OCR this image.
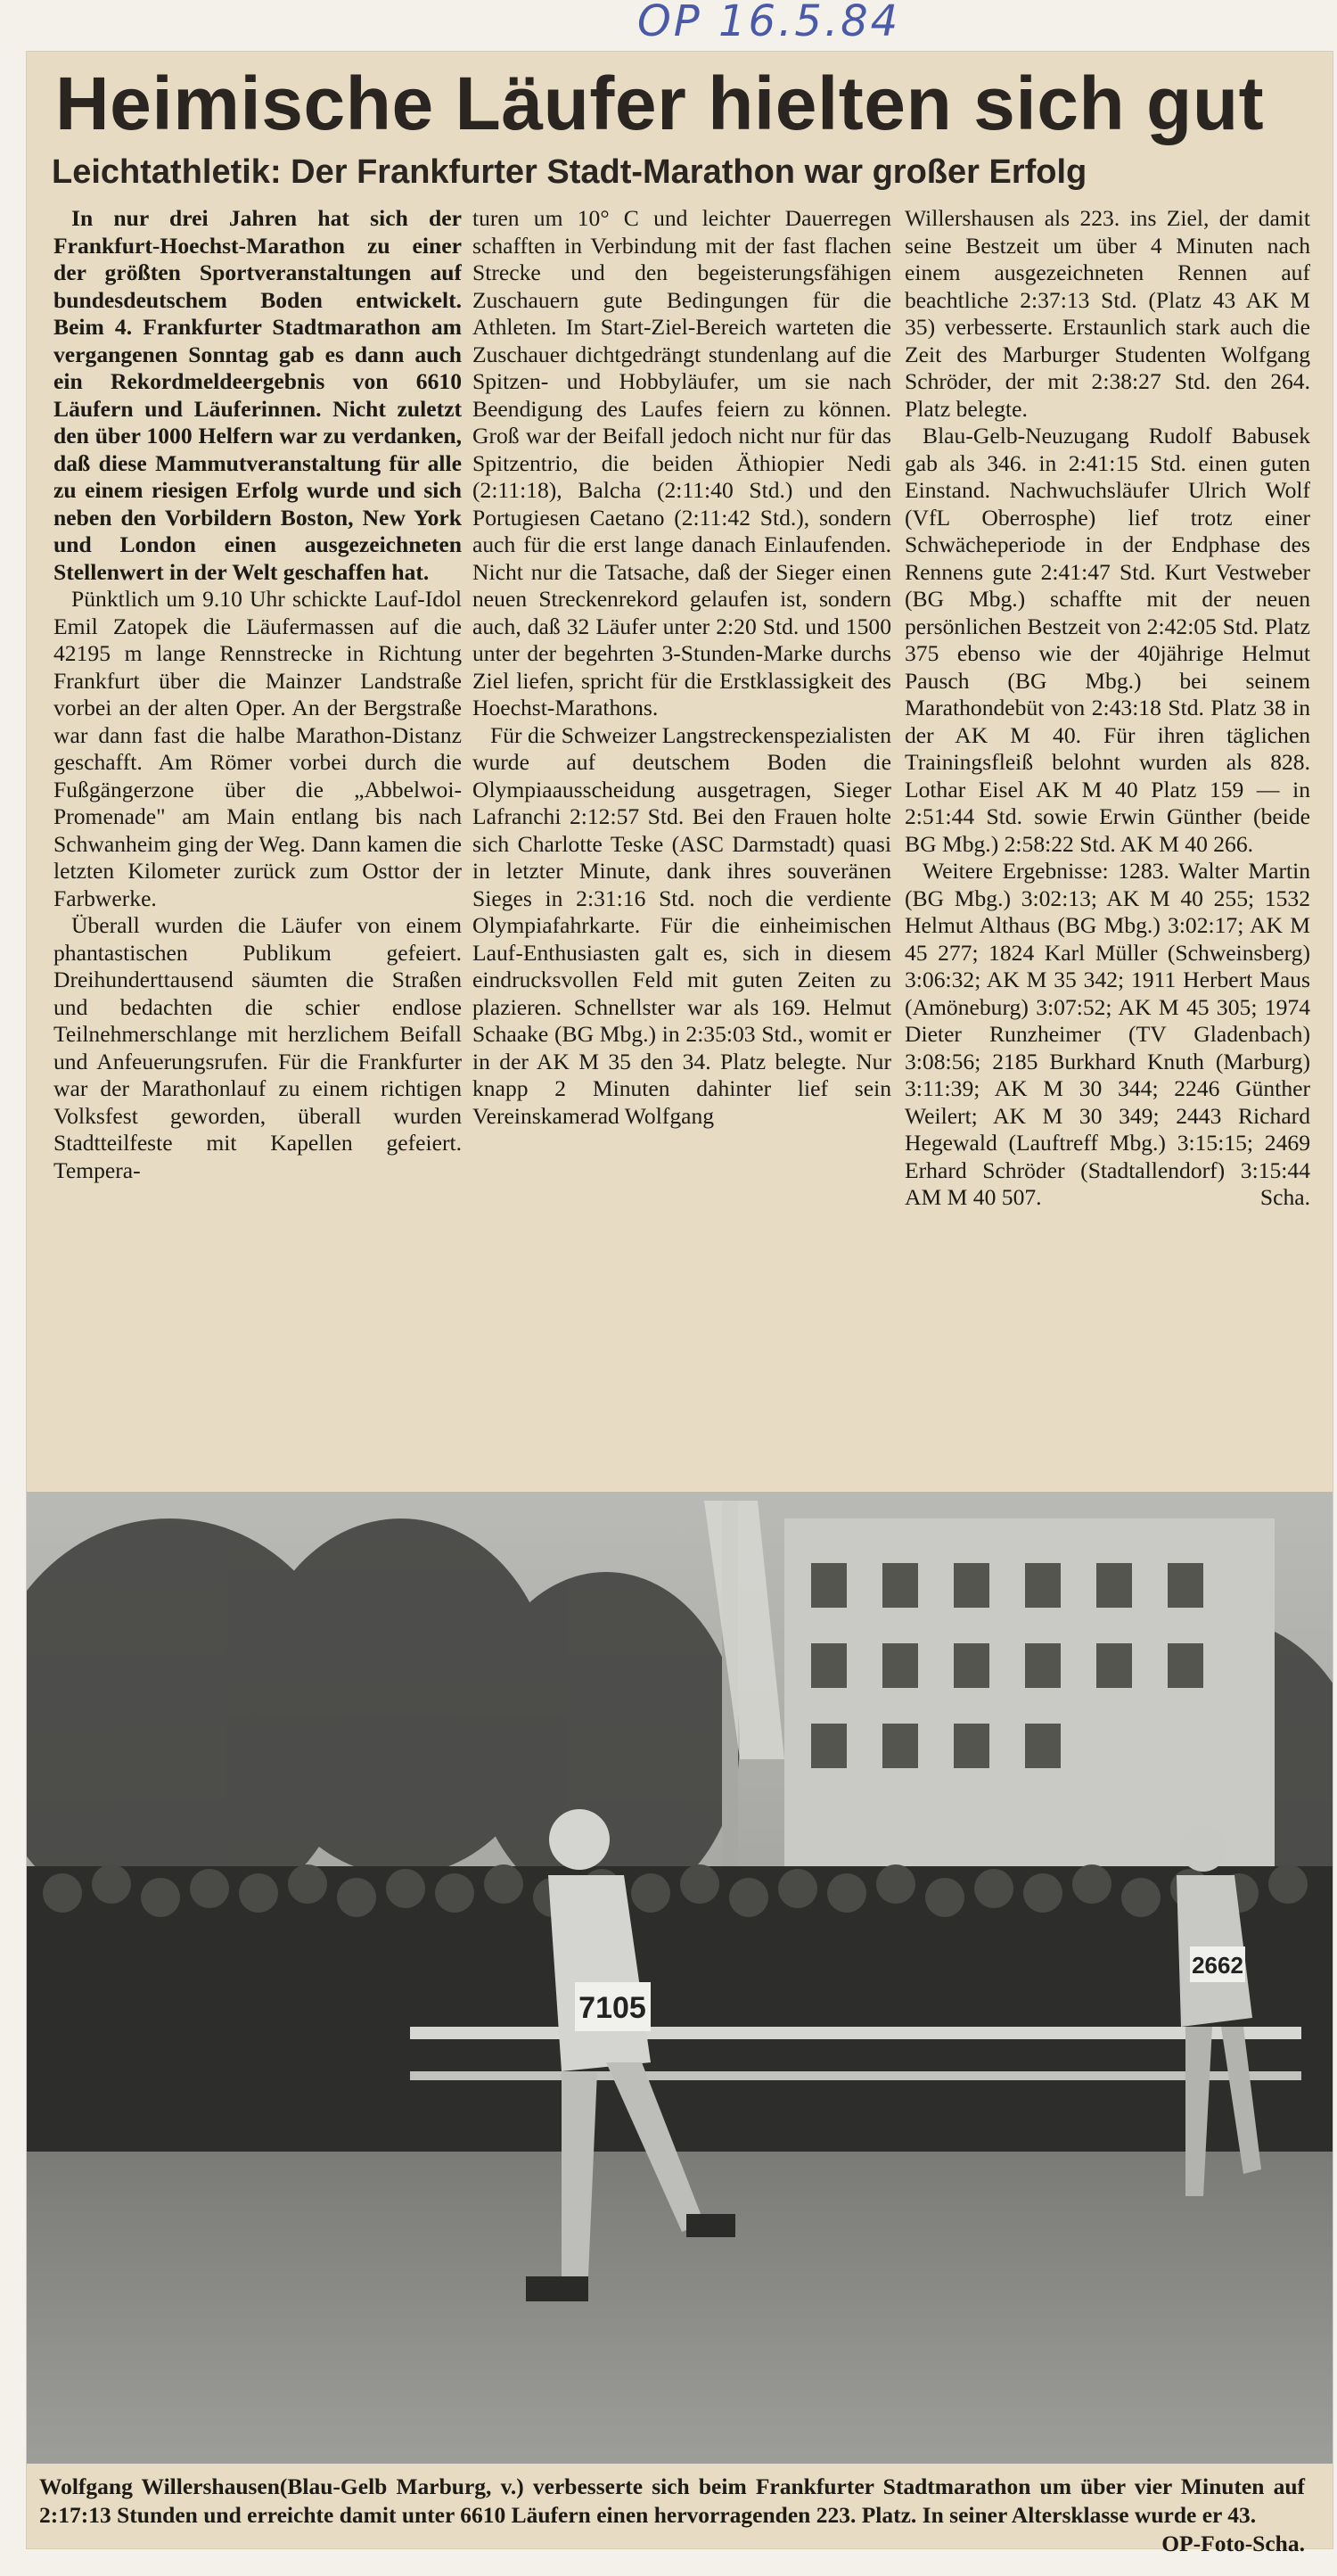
OP 16.5.84
Heimische Läufer hielten sich gut
Leichtathletik: Der Frankfurter Stadt-Marathon war großer Erfolg

In nur drei Jahren hat sich der Frankfurt-Hoechst-Marathon zu einer der größten Sportveranstaltungen auf bundesdeutschem Boden entwickelt. Beim 4. Frankfurter Stadtmarathon am vergangenen Sonntag gab es dann auch ein Rekordmeldeergebnis von 6610 Läufern und Läuferinnen. Nicht zuletzt den über 1000 Helfern war zu verdanken, daß diese Mammutveranstaltung für alle zu einem riesigen Erfolg wurde und sich neben den Vorbildern Boston, New York und London einen ausgezeichneten Stellenwert in der Welt geschaffen hat.

Pünktlich um 9.10 Uhr schickte Lauf-Idol Emil Zatopek die Läufermassen auf die 42195 m lange Rennstrecke in Richtung Frankfurt über die Mainzer Landstraße vorbei an der alten Oper. An der Bergstraße war dann fast die halbe Marathon-Distanz geschafft. Am Römer vorbei durch die Fußgängerzone über die „Abbelwoi-Promenade" am Main entlang bis nach Schwanheim ging der Weg. Dann kamen die letzten Kilometer zurück zum Osttor der Farbwerke.

Überall wurden die Läufer von einem phantastischen Publikum gefeiert. Dreihunderttausend säumten die Straßen und bedachten die schier endlose Teilnehmerschlange mit herzlichem Beifall und Anfeuerungsrufen. Für die Frankfurter war der Marathonlauf zu einem richtigen Volksfest geworden, überall wurden Stadtteilfeste mit Kapellen gefeiert. Tempera-

turen um 10° C und leichter Dauerregen schafften in Verbindung mit der fast flachen Strecke und den begeisterungsfähigen Zuschauern gute Bedingungen für die Athleten. Im Start-Ziel-Bereich warteten die Zuschauer dichtgedrängt stundenlang auf die Spitzen- und Hobbyläufer, um sie nach Beendigung des Laufes feiern zu können. Groß war der Beifall jedoch nicht nur für das Spitzentrio, die beiden Äthiopier Nedi (2:11:18), Balcha (2:11:40 Std.) und den Portugiesen Caetano (2:11:42 Std.), sondern auch für die erst lange danach Einlaufenden. Nicht nur die Tatsache, daß der Sieger einen neuen Streckenrekord gelaufen ist, sondern auch, daß 32 Läufer unter 2:20 Std. und 1500 unter der begehrten 3-Stunden-Marke durchs Ziel liefen, spricht für die Erstklassigkeit des Hoechst-Marathons.

Für die Schweizer Langstreckenspezialisten wurde auf deutschem Boden die Olympiaausscheidung ausgetragen, Sieger Lafranchi 2:12:57 Std. Bei den Frauen holte sich Charlotte Teske (ASC Darmstadt) quasi in letzter Minute, dank ihres souveränen Sieges in 2:31:16 Std. noch die verdiente Olympiafahrkarte. Für die einheimischen Lauf-Enthusiasten galt es, sich in diesem eindrucksvollen Feld mit guten Zeiten zu plazieren. Schnellster war als 169. Helmut Schaake (BG Mbg.) in 2:35:03 Std., womit er in der AK M 35 den 34. Platz belegte. Nur knapp 2 Minuten dahinter lief sein Vereinskamerad Wolfgang

Willershausen als 223. ins Ziel, der damit seine Bestzeit um über 4 Minuten nach einem ausgezeichneten Rennen auf beachtliche 2:37:13 Std. (Platz 43 AK M 35) verbesserte. Erstaunlich stark auch die Zeit des Marburger Studenten Wolfgang Schröder, der mit 2:38:27 Std. den 264. Platz belegte.

Blau-Gelb-Neuzugang Rudolf Babusek gab als 346. in 2:41:15 Std. einen guten Einstand. Nachwuchsläufer Ulrich Wolf (VfL Oberrosphe) lief trotz einer Schwächeperiode in der Endphase des Rennens gute 2:41:47 Std. Kurt Vestweber (BG Mbg.) schaffte mit der neuen persönlichen Bestzeit von 2:42:05 Std. Platz 375 ebenso wie der 40jährige Helmut Pausch (BG Mbg.) bei seinem Marathondebüt von 2:43:18 Std. Platz 38 in der AK M 40. Für ihren täglichen Trainingsfleiß belohnt wurden als 828. Lothar Eisel AK M 40 Platz 159 — in 2:51:44 Std. sowie Erwin Günther (beide BG Mbg.) 2:58:22 Std. AK M 40 266.

Weitere Ergebnisse: 1283. Walter Martin (BG Mbg.) 3:02:13; AK M 40 255; 1532 Helmut Althaus (BG Mbg.) 3:02:17; AK M 45 277; 1824 Karl Müller (Schweinsberg) 3:06:32; AK M 35 342; 1911 Herbert Maus (Amöneburg) 3:07:52; AK M 45 305; 1974 Dieter Runzheimer (TV Gladenbach) 3:08:56; 2185 Burkhard Knuth (Marburg) 3:11:39; AK M 30 344; 2246 Günther Weilert; AK M 30 349; 2443 Richard Hegewald (Lauftreff Mbg.) 3:15:15; 2469 Erhard Schröder (Stadtallendorf) 3:15:44 AM M 40 507.	Scha.

7105
2662
Wolfgang Willershausen(Blau-Gelb Marburg, v.) verbesserte sich beim Frankfurter Stadtmarathon um über vier Minuten auf 2:17:13 Stunden und erreichte damit unter 6610 Läufern einen hervorragenden 223. Platz. In seiner Altersklasse wurde er 43.
OP-Foto-Scha.
